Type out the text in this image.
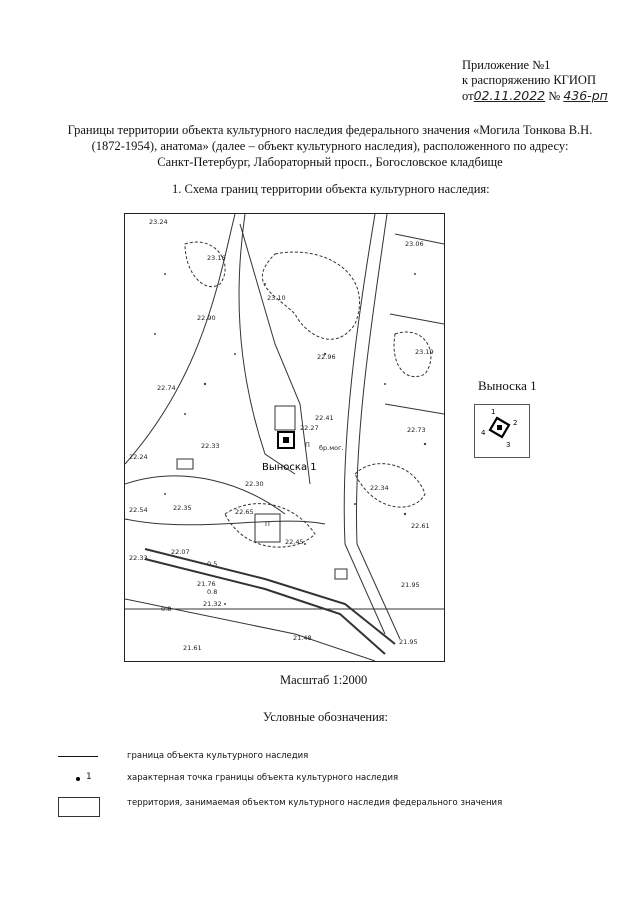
Приложение №1
к распоряжению КГИОП
от02.11.2022 № 436-рп
Границы территории объекта культурного наследия федерального значения «Могила Тонкова В.Н.
(1872-1954), анатома» (далее – объект культурного наследия), расположенного по адресу:
Санкт-Петербург, Лабораторный просп., Богословское кладбище
1. Схема границ территории объекта культурного наследия:
23.24
23.16
23.10
23.06
22.90
22.96
23.19
22.74
22.41
22.27	22.73
бр.мог.
22.24
22.33
22.30	22.34
22.54	22.35	22.65
22.61
22.45
22.33
22.07
0.5
21.76
0.8
21.32
0.8
21.95
21.48	21.95
21.61
П
П
Выноска 1
Выноска 1
1
2
3
4
Масштаб 1:2000
Условные обозначения:
граница объекта культурного наследия
1	характерная точка границы объекта культурного наследия
территория, занимаемая объектом культурного наследия федерального значения
